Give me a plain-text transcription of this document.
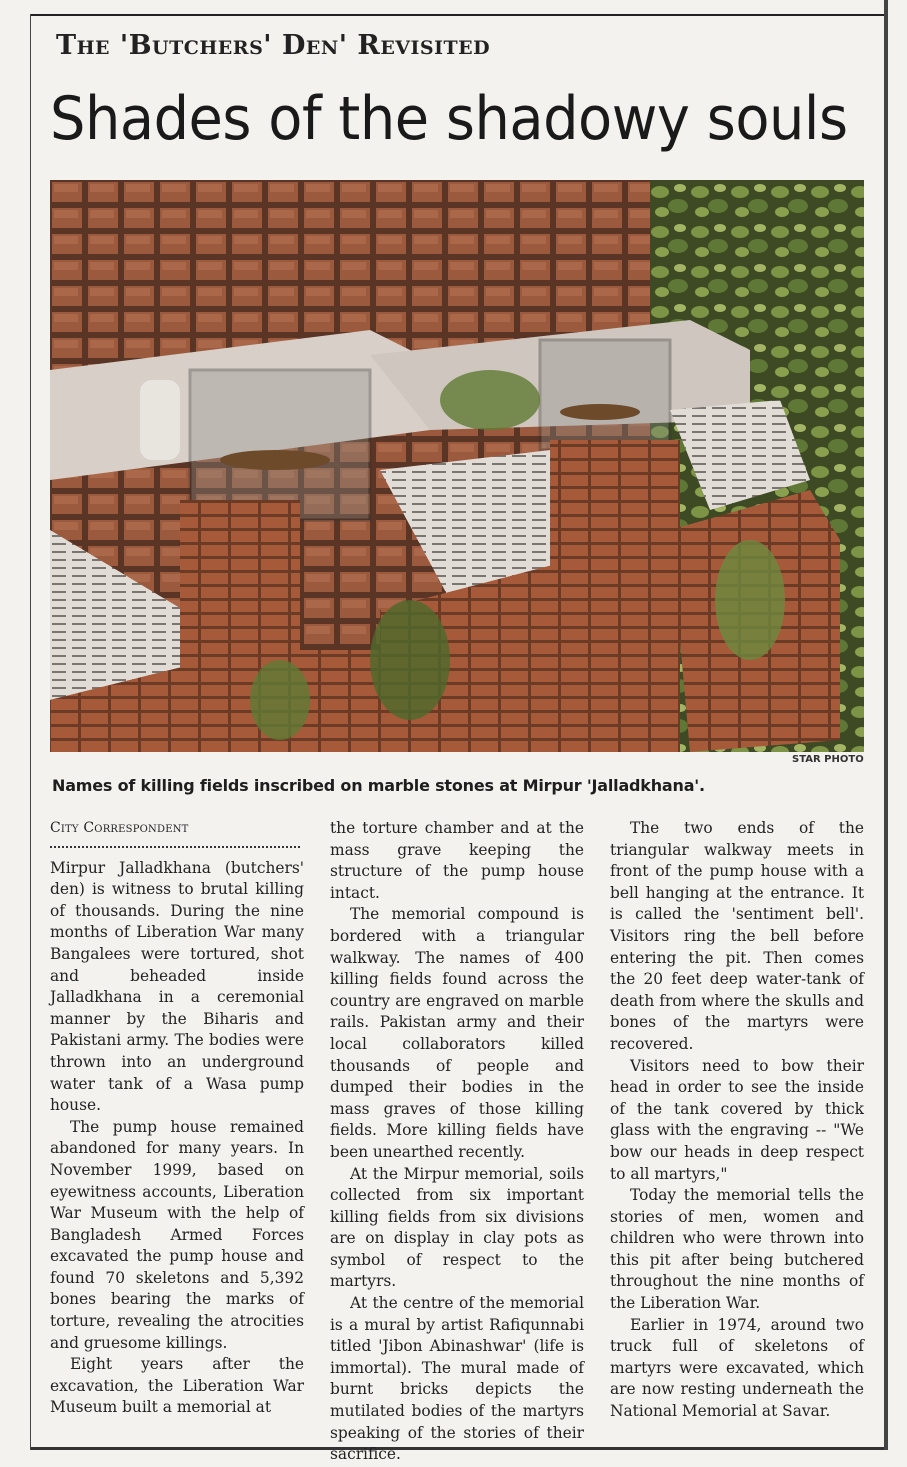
The 'Butchers' Den' Revisited
Shades of the shadowy souls
STAR PHOTO
Names of killing fields inscribed on marble stones at Mirpur 'Jalladkhana'.

City Correspondent

Mirpur Jalladkhana (butchers' den) is witness to brutal killing of thousands. During the nine months of Liberation War many Bangalees were tortured, shot and beheaded inside Jalladkhana in a ceremonial manner by the Biharis and Pakistani army. The bodies were thrown into an underground water tank of a Wasa pump house.

The pump house remained abandoned for many years. In November 1999, based on eyewitness accounts, Liberation War Museum with the help of Bangladesh Armed Forces excavated the pump house and found 70 skeletons and 5,392 bones bearing the marks of torture, revealing the atrocities and gruesome killings.

Eight years after the excavation, the Liberation War Museum built a memorial at

the torture chamber and at the mass grave keeping the structure of the pump house intact.

The memorial compound is bordered with a triangular walkway. The names of 400 killing fields found across the country are engraved on marble rails. Pakistan army and their local collaborators killed thousands of people and dumped their bodies in the mass graves of those killing fields. More killing fields have been unearthed recently.

At the Mirpur memorial, soils collected from six important killing fields from six divisions are on display in clay pots as symbol of respect to the martyrs.

At the centre of the memorial is a mural by artist Rafiqunnabi titled 'Jibon Abinashwar' (life is immortal). The mural made of burnt bricks depicts the mutilated bodies of the martyrs speaking of the stories of their sacrifice.

The two ends of the triangular walkway meets in front of the pump house with a bell hanging at the entrance. It is called the 'sentiment bell'. Visitors ring the bell before entering the pit. Then comes the 20 feet deep water-tank of death from where the skulls and bones of the martyrs were recovered.

Visitors need to bow their head in order to see the inside of the tank covered by thick glass with the engraving -- "We bow our heads in deep respect to all martyrs,"

Today the memorial tells the stories of men, women and children who were thrown into this pit after being butchered throughout the nine months of the Liberation War.

Earlier in 1974, around two truck full of skeletons of martyrs were excavated, which are now resting underneath the National Memorial at Savar.
